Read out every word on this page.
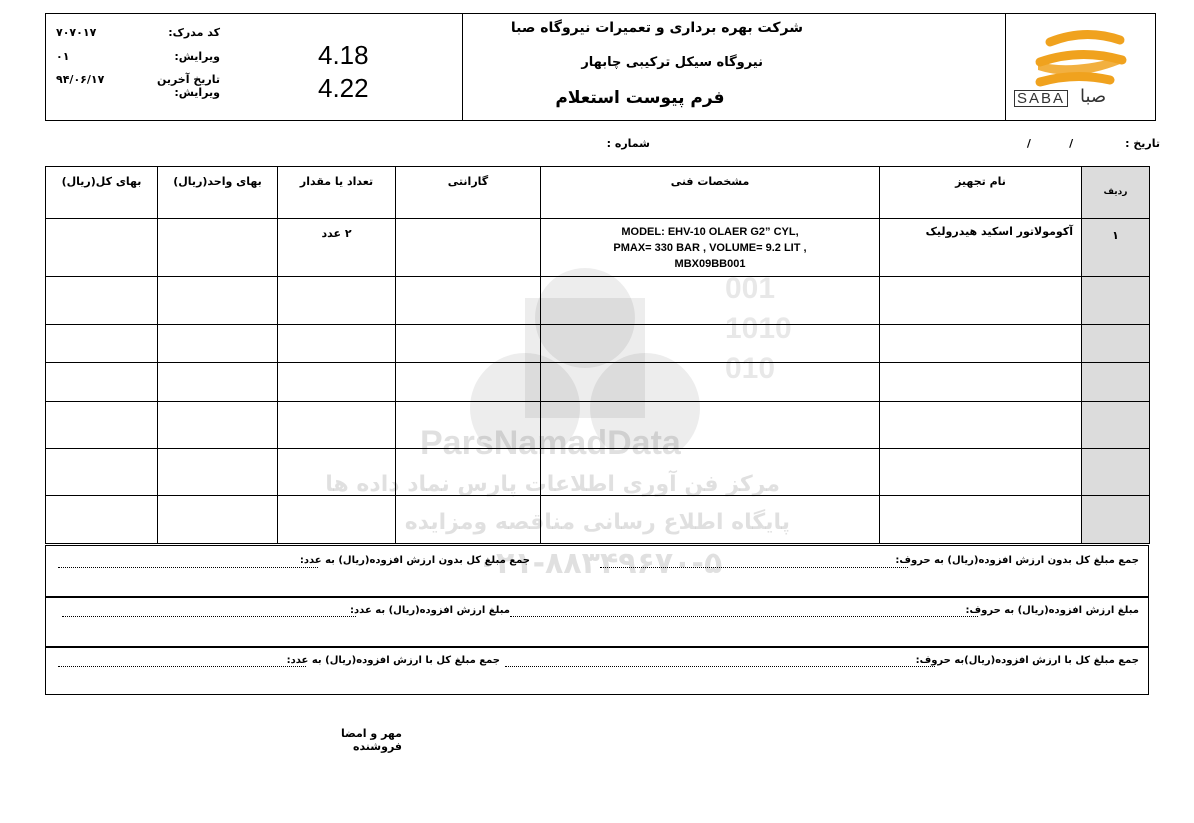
001
1010
010
ParsNamadData
مرکز فن آوری اطلاعات پارس نماد داده ها
پایگاه اطلاع رسانی مناقصه ومزایده
۰۲۱-۸۸۳۴۹۶۷۰-۵
کد مدرک:
۷۰۷۰۱۷
ویرایش:
۰۱
تاریخ آخرین ویرایش:
۹۴/۰۶/۱۷
4.18
4.22
شرکت بهره برداری و تعمیرات نیروگاه صبا
نیروگاه سیکل ترکیبی چابهار
فرم پیوست استعلام	SABA صبا
تاریخ :
/          /
شماره :
بهای کل(ریال)	بهای واحد(ریال)	تعداد یا مقدار	گارانتی	مشخصات فنی	نام تجهیز	ردیف

		۲ عدد		MODEL: EHV-10 OLAER G2” CYL,
PMAX= 330 BAR , VOLUME= 9.2 LIT ,
MBX09BB001	آکومولاتور اسکید هیدرولیک	۱

جمع مبلغ کل بدون ارزش افزوده(ریال) به حروف:
جمع مبلغ کل بدون ارزش افزوده(ریال) به عدد:
مبلغ ارزش افزوده(ریال) به حروف:
مبلغ ارزش افزوده(ریال) به عدد:
جمع مبلغ کل با ارزش افزوده(ریال)به حروف:
جمع مبلغ کل با ارزش افزوده(ریال) به عدد:
مهر و امضا فروشنده
